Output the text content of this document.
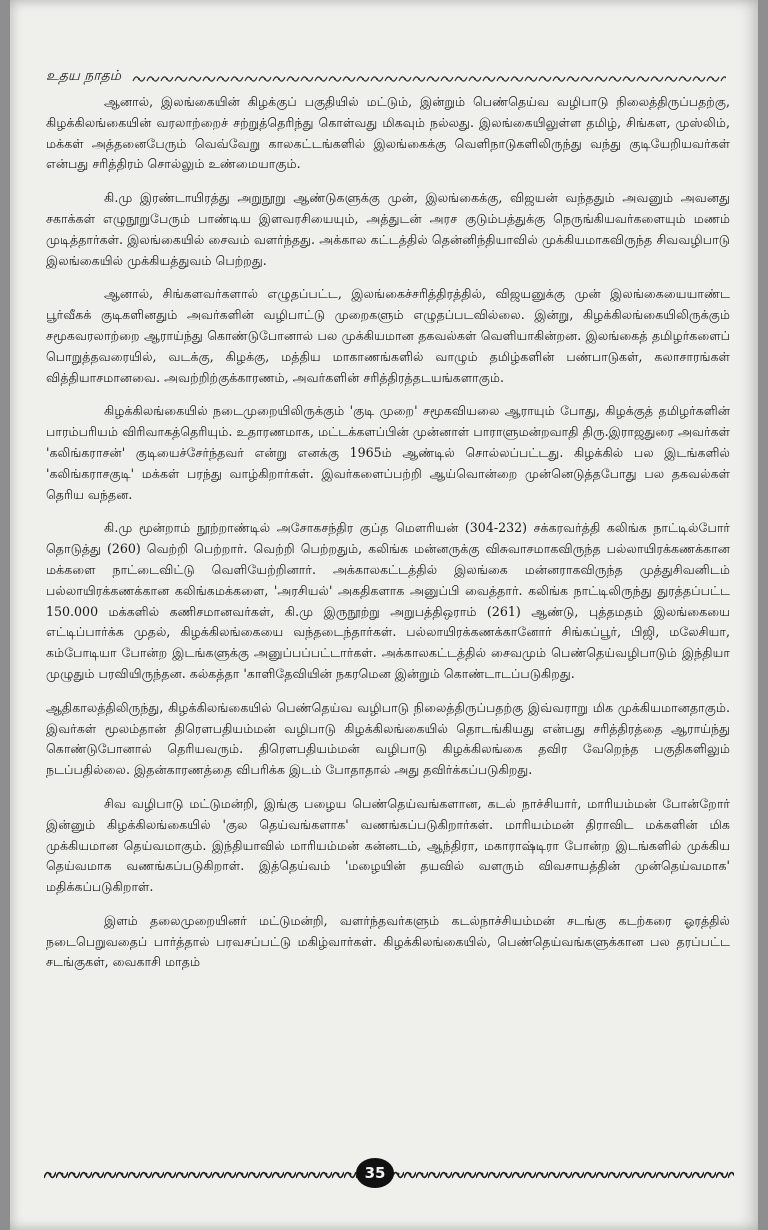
உதய நாதம்

ஆனால், இலங்கையின் கிழக்குப் பகுதியில் மட்டும், இன்றும் பெண்தெய்வ வழிபாடு நிலைத்திருப்பதற்கு, கிழக்கிலங்கையின் வரலாற்றைச் சற்றுத்தெரிந்து கொள்வது மிகவும் நல்லது. இலங்கையிலுள்ள தமிழ், சிங்கள, முஸ்லிம், மக்கள் அத்தனைபேரும் வெவ்வேறு காலகட்டங்களில் இலங்கைக்கு வெளிநாடுகளிலிருந்து வந்து குடியேறியவர்கள் என்பது சரித்திரம் சொல்லும் உண்மையாகும்.

கி.மு இரண்டாயிரத்து அறுநூறு ஆண்டுகளுக்கு முன், இலங்கைக்கு, விஜயன் வந்ததும் அவனும் அவனது சகாக்கள் எழுநூறுபேரும் பாண்டிய இளவரசியையும், அத்துடன் அரச குடும்பத்துக்கு நெருங்கியவர்களையும் மணம் முடித்தார்கள். இலங்கையில் சைவம் வளர்ந்தது. அக்கால கட்டத்தில் தென்னிந்தியாவில் முக்கியமாகவிருந்த சிவவழிபாடு இலங்கையில் முக்கியத்துவம் பெற்றது.

ஆனால், சிங்களவர்களால் எழுதப்பட்ட, இலங்கைச்சரித்திரத்தில், விஜயனுக்கு முன் இலங்கையையாண்ட பூர்வீகக் குடிகளினதும் அவர்களின் வழிபாட்டு முறைகளும் எழுதப்படவில்லை. இன்று, கிழக்கிலங்கையிலிருக்கும் சமூகவரலாற்றை ஆராய்ந்து கொண்டுபோனால் பல முக்கியமான தகவல்கள் வெளியாகின்றன. இலங்கைத் தமிழர்களைப் பொறுத்தவரையில், வடக்கு, கிழக்கு, மத்திய மாகாணங்களில் வாழும் தமிழ்களின் பண்பாடுகள், கலாசாரங்கள் வித்தியாசமானவை. அவற்றிற்குக்காரணம், அவர்களின் சரித்திரத்தடயங்களாகும்.

கிழக்கிலங்கையில் நடைமுறையிலிருக்கும் 'குடி முறை' சமூகவியலை ஆராயும் போது, கிழக்குத் தமிழர்களின் பாரம்பரியம் விரிவாகத்தெரியும். உதாரணமாக, மட்டக்களப்பின் முன்னாள் பாராளுமன்றவாதி திரு.இராஜதுரை அவர்கள் 'கலிங்கராசன்' குடியைச்சேர்ந்தவர் என்று எனக்கு 1965ம் ஆண்டில் சொல்லப்பட்டது. கிழக்கில் பல இடங்களில் 'கலிங்கராசகுடி' மக்கள் பரந்து வாழ்கிறார்கள். இவர்களைப்பற்றி ஆய்வொன்றை முன்னெடுத்தபோது பல தகவல்கள் தெரிய வந்தன.

கி.மு மூன்றாம் நூற்றாண்டில் அசோகசந்திர குப்த மௌரியன் (304-232) சக்கரவர்த்தி கலிங்க நாட்டில்போர் தொடுத்து (260) வெற்றி பெற்றார். வெற்றி பெற்றதும், கலிங்க மன்னருக்கு விசுவாசமாகவிருந்த பல்லாயிரக்கணக்கான மக்களை நாட்டைவிட்டு வெளியேற்றினார். அக்காலகட்டத்தில் இலங்கை மன்னராகவிருந்த முத்துசிவனிடம் பல்லாயிரக்கணக்கான கலிங்கமக்களை, 'அரசியல்' அகதிகளாக அனுப்பி வைத்தார். கலிங்க நாட்டிலிருந்து துரத்தப்பட்ட 150.000 மக்களில் கணிசமானவர்கள், கி.மு இருநூற்று அறுபத்திஒராம் (261) ஆண்டு, புத்தமதம் இலங்கையை எட்டிப்பார்க்க முதல், கிழக்கிலங்கையை வந்தடைந்தார்கள். பல்லாயிரக்கணக்கானோர் சிங்கப்பூர், பிஜி, மலேசியா, கம்போடியா போன்ற இடங்களுக்கு அனுப்பப்பட்டார்கள். அக்காலகட்டத்தில் சைவமும் பெண்தெய்வழிபாடும் இந்தியா முழுதும் பரவியிருந்தன. கல்கத்தா 'காளிதேவியின் நகரமென இன்றும் கொண்டாடப்படுகிறது.

ஆதிகாலத்திலிருந்து, கிழக்கிலங்கையில் பெண்தெய்வ வழிபாடு நிலைத்திருப்பதற்கு இவ்வராறு மிக முக்கியமானதாகும். இவர்கள் மூலம்தான் திரௌபதியம்மன் வழிபாடு கிழக்கிலங்கையில் தொடங்கியது என்பது சரித்திரத்தை ஆராய்ந்து கொண்டுபோனால் தெரியவரும். திரௌபதியம்மன் வழிபாடு கிழக்கிலங்கை தவிர வேறெந்த பகுதிகளிலும் நடப்பதில்லை. இதன்காரணத்தை விபரிக்க இடம் போதாதால் அது தவிர்க்கப்படுகிறது.

சிவ வழிபாடு மட்டுமன்றி, இங்கு பழைய பெண்தெய்வங்களான, கடல் நாச்சியார், மாரியம்மன் போன்றோர் இன்னும் கிழக்கிலங்கையில் 'குல தெய்வங்களாக' வணங்கப்படுகிறார்கள். மாரியம்மன் திராவிட மக்களின் மிக முக்கியமான தெய்வமாகும். இந்தியாவில் மாரியம்மன் கன்னடம், ஆந்திரா, மகாராஷ்டிரா போன்ற இடங்களில் முக்கிய தெய்வமாக வணங்கப்படுகிறாள். இத்தெய்வம் 'மழையின் தயவில் வளரும் விவசாயத்தின் முன்தெய்வமாக' மதிக்கப்படுகிறாள்.

இளம் தலைமுறையினர் மட்டுமன்றி, வளர்ந்தவர்களும் கடல்நாச்சியம்மன் சடங்கு கடற்கரை ஓரத்தில் நடைபெறுவதைப் பார்த்தால் பரவசப்பட்டு மகிழ்வார்கள். கிழக்கிலங்கையில், பெண்தெய்வங்களுக்கான பல தரப்பட்ட சடங்குகள், வைகாசி மாதம்

35
